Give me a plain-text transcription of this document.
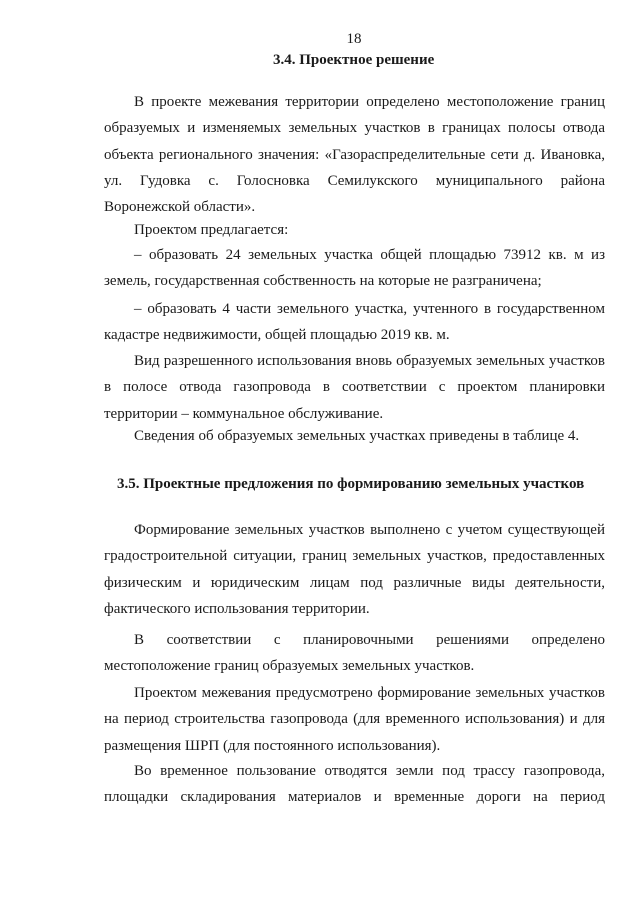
18
3.4. Проектное решение

В проекте межевания территории определено местоположение границ образуемых и изменяемых земельных участков в границах полосы отвода объекта регионального значения: «Газораспределительные сети д. Ивановка, ул. Гудовка с. Голосновка Семилукского муниципального района Воронежской области».

Проектом предлагается:

– образовать 24 земельных участка общей площадью 73912 кв. м из земель, государственная собственность на которые не разграничена;

– образовать 4 части земельного участка, учтенного в государственном кадастре недвижимости, общей площадью 2019 кв. м.

Вид разрешенного использования вновь образуемых земельных участков в полосе отвода газопровода в соответствии с проектом планировки территории – коммунальное обслуживание.

Сведения об образуемых земельных участках приведены в таблице 4.

3.5. Проектные предложения по формированию земельных участков

Формирование земельных участков выполнено с учетом существующей градостроительной ситуации, границ земельных участков, предоставленных физическим и юридическим лицам под различные виды деятельности, фактического использования территории.

В соответствии с планировочными решениями определено местоположение границ образуемых земельных участков.

Проектом межевания предусмотрено формирование земельных участков на период строительства газопровода (для временного использования) и для размещения ШРП (для постоянного использования).

Во временное пользование отводятся земли под трассу газопровода, площадки складирования материалов и временные дороги на период
